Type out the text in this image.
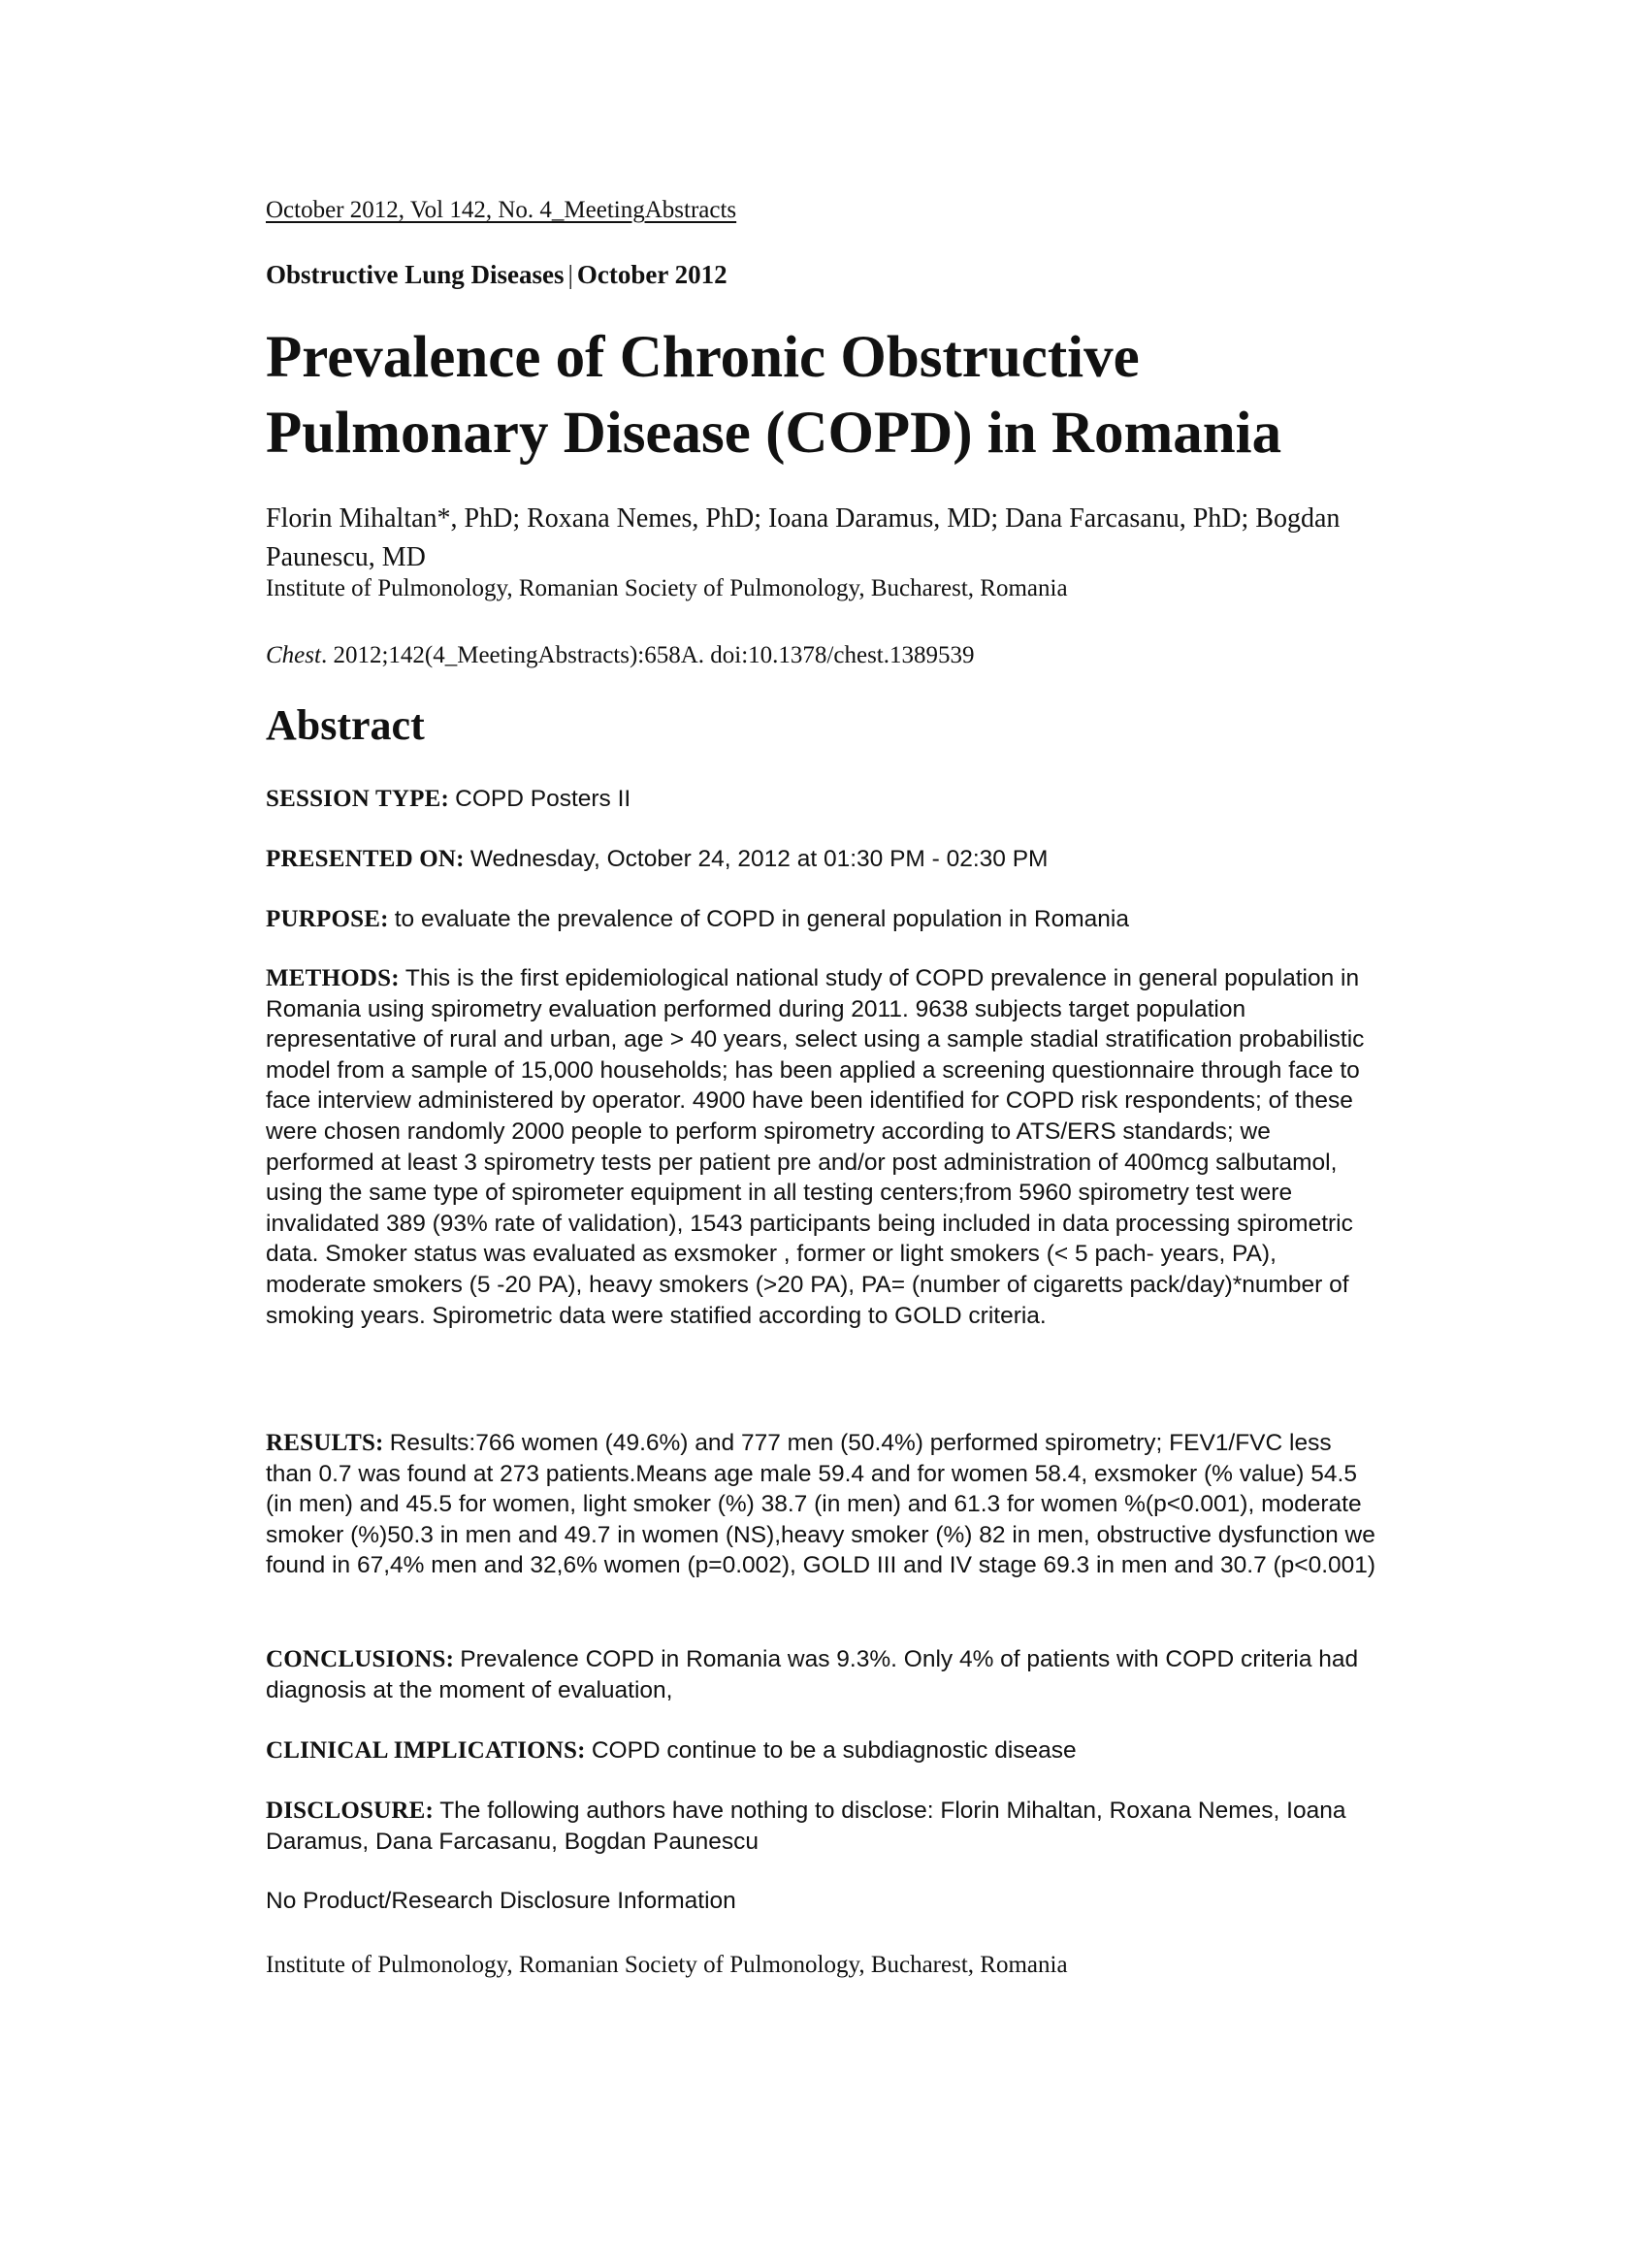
October 2012, Vol 142, No. 4_MeetingAbstracts
Obstructive Lung Diseases | October 2012
Prevalence of Chronic Obstructive Pulmonary Disease (COPD) in Romania

Florin Mihaltan*, PhD; Roxana Nemes, PhD; Ioana Daramus, MD; Dana Farcasanu, PhD; Bogdan Paunescu, MD

Institute of Pulmonology, Romanian Society of Pulmonology, Bucharest, Romania
Chest. 2012;142(4_MeetingAbstracts):658A. doi:10.1378/chest.1389539
Abstract

SESSION TYPE: COPD Posters II

PRESENTED ON: Wednesday, October 24, 2012 at 01:30 PM - 02:30 PM

PURPOSE: to evaluate the prevalence of COPD in general population in Romania

METHODS: This is the first epidemiological national study of COPD prevalence in general population in Romania using spirometry evaluation performed during 2011. 9638 subjects target population representative of rural and urban, age > 40 years, select using a sample stadial stratification probabilistic model from a sample of 15,000 households; has been applied a screening questionnaire through face to face interview administered by operator. 4900 have been identified for COPD risk respondents; of these were chosen randomly 2000 people to perform spirometry according to ATS/ERS standards; we performed at least 3 spirometry tests per patient pre and/or post administration of 400mcg salbutamol, using the same type of spirometer equipment in all testing centers;from 5960 spirometry test were invalidated 389 (93% rate of validation), 1543 participants being included in data processing spirometric data. Smoker status was evaluated as exsmoker , former or light smokers (< 5 pach- years, PA), moderate smokers (5 -20 PA), heavy smokers (>20 PA), PA= (number of cigaretts pack/day)*number of smoking years. Spirometric data were statified according to GOLD criteria.

RESULTS: Results:766 women (49.6%) and 777 men (50.4%) performed spirometry; FEV1/FVC less than 0.7 was found at 273 patients.Means age male 59.4 and for women 58.4, exsmoker (% value) 54.5 (in men) and 45.5 for women, light smoker (%) 38.7 (in men) and 61.3 for women %(p<0.001), moderate smoker (%)50.3 in men and 49.7 in women (NS),heavy smoker (%) 82 in men, obstructive dysfunction we found in 67,4% men and 32,6% women (p=0.002), GOLD III and IV stage 69.3 in men and 30.7 (p<0.001)

CONCLUSIONS: Prevalence COPD in Romania was 9.3%. Only 4% of patients with COPD criteria had diagnosis at the moment of evaluation,

CLINICAL IMPLICATIONS: COPD continue to be a subdiagnostic disease

DISCLOSURE: The following authors have nothing to disclose: Florin Mihaltan, Roxana Nemes, Ioana Daramus, Dana Farcasanu, Bogdan Paunescu

No Product/Research Disclosure Information
Institute of Pulmonology, Romanian Society of Pulmonology, Bucharest, Romania
